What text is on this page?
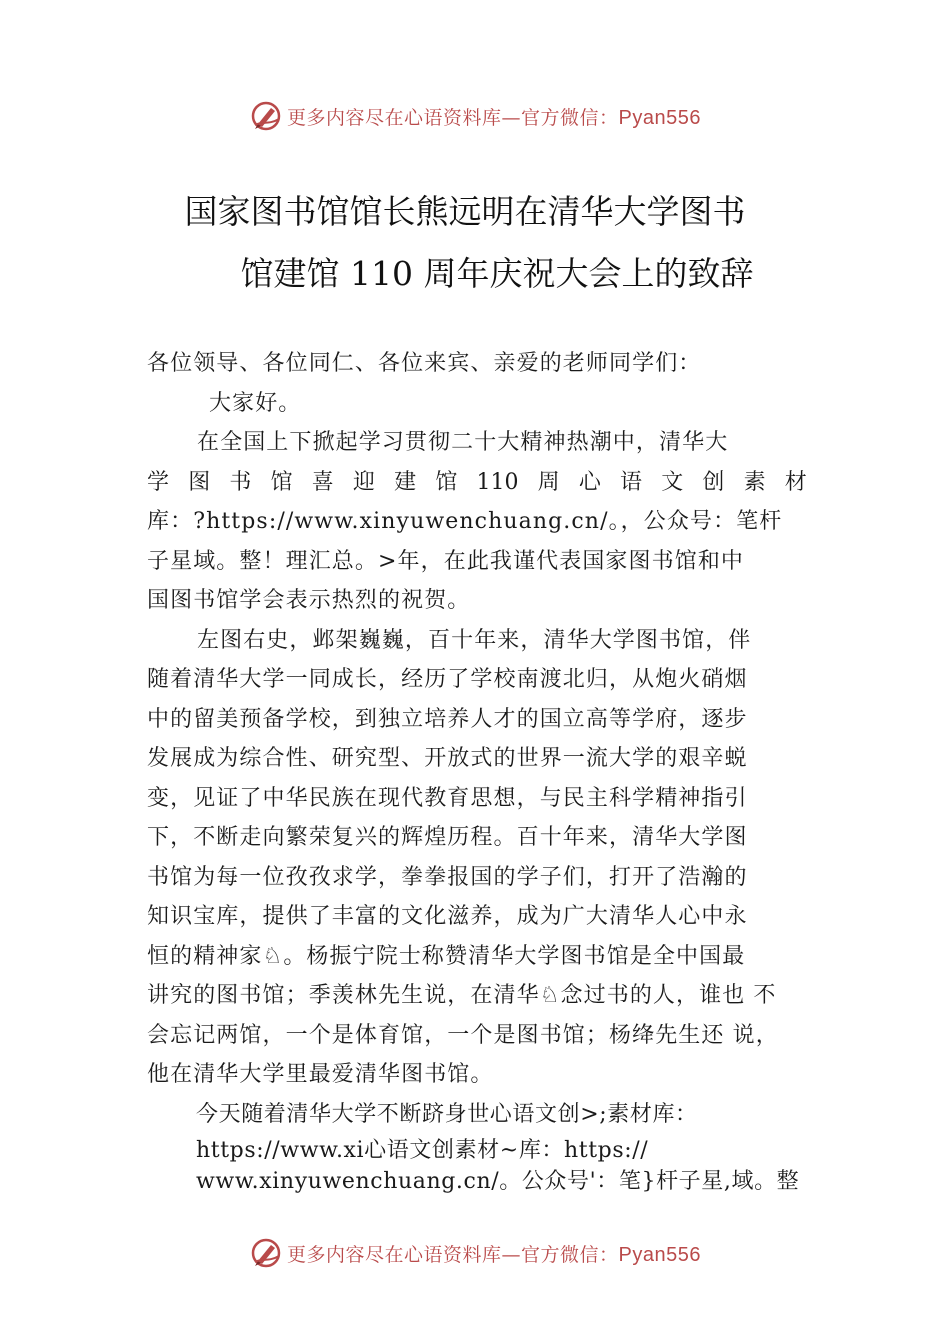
更多内容尽在心语资料库—官方微信：Pyan556
国家图书馆馆长熊远明在清华大学图书
馆建馆 110 周年庆祝大会上的致辞
各位领导、各位同仁、各位来宾、亲爱的老师同学们：
大家好。
在全国上下掀起学习贯彻二十大精神热潮中，清华大
学 图 书 馆 喜 迎 建 馆 110 周 心 语 文 创 素 材
库：?https://www.xinyuwenchuang.cn/。，公众号：笔杆
子星域。整！理汇总。>年，在此我谨代表国家图书馆和中
国图书馆学会表示热烈的祝贺。
左图右史，邺架巍巍，百十年来，清华大学图书馆，伴
随着清华大学一同成长，经历了学校南渡北归，从炮火硝烟
中的留美预备学校，到独立培养人才的国立高等学府，逐步
发展成为综合性、研究型、开放式的世界一流大学的艰辛蜕
变，见证了中华民族在现代教育思想，与民主科学精神指引
下，不断走向繁荣复兴的辉煌历程。百十年来，清华大学图
书馆为每一位孜孜求学，拳拳报国的学子们，打开了浩瀚的
知识宝库，提供了丰富的文化滋养，成为广大清华人心中永
恒的精神家♘。杨振宁院士称赞清华大学图书馆是全中国最
讲究的图书馆；季羡林先生说，在清华♘念过书的人，谁也 不
会忘记两馆，一个是体育馆，一个是图书馆；杨绛先生还 说，
他在清华大学里最爱清华图书馆。
今天随着清华大学不断跻身世心语文创>;素材库：
https://www.xi心语文创素材~库：https://
www.xinyuwenchuang.cn/。公众号'：笔}杆子星,域。整
更多内容尽在心语资料库—官方微信：Pyan556
